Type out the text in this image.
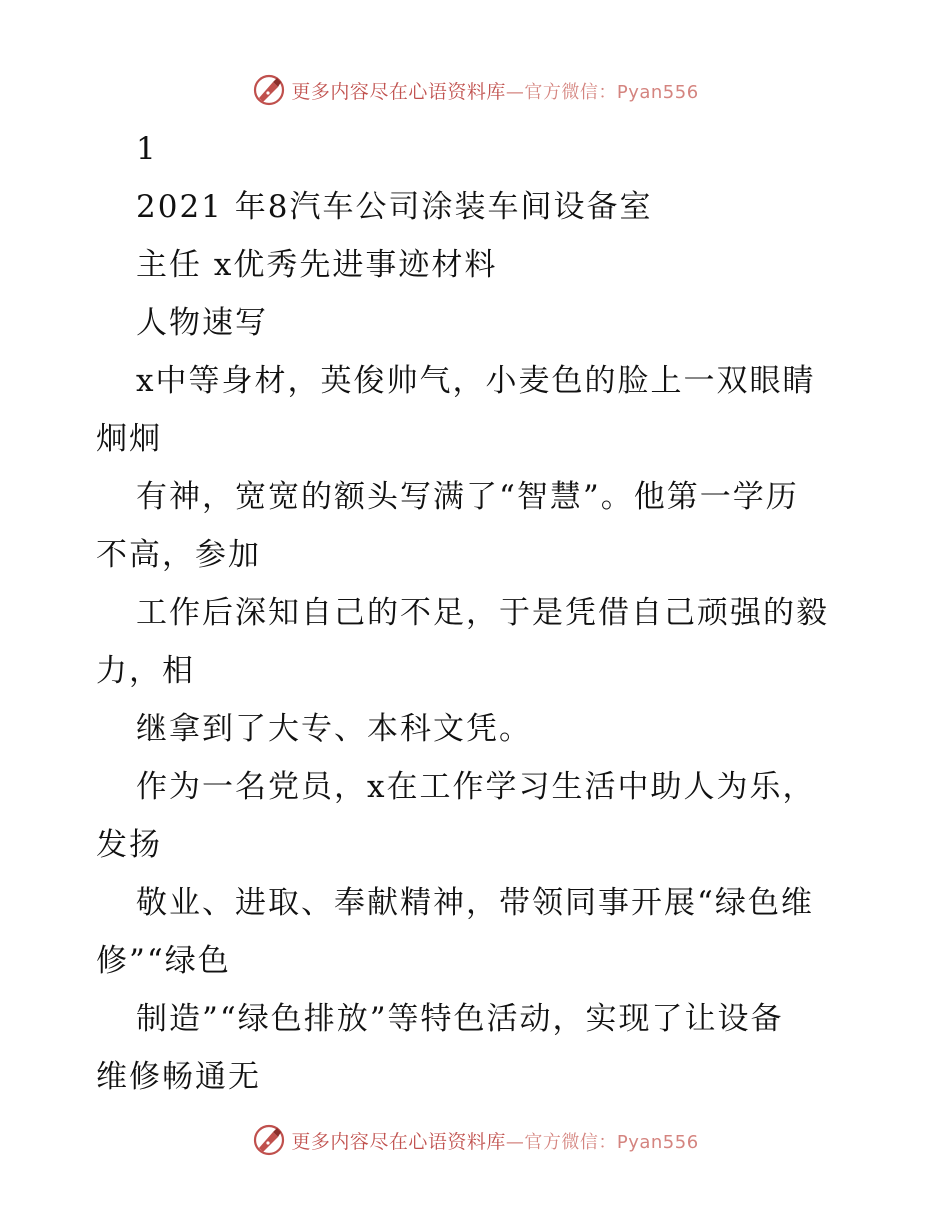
更多内容尽在心语资料库—官方微信：Pyan556
1
2021 年8汽车公司涂装车间设备室
主任 x优秀先进事迹材料
人物速写
x中等身材，英俊帅气，小麦色的脸上一双眼睛
炯炯
有神，宽宽的额头写满了“智慧”。他第一学历
不高，参加
工作后深知自己的不足，于是凭借自己顽强的毅
力，相
继拿到了大专、本科文凭。
作为一名党员，x在工作学习生活中助人为乐，
发扬
敬业、进取、奉献精神，带领同事开展“绿色维
修”“绿色
制造”“绿色排放”等特色活动，实现了让设备
维修畅通无
更多内容尽在心语资料库—官方微信：Pyan556
